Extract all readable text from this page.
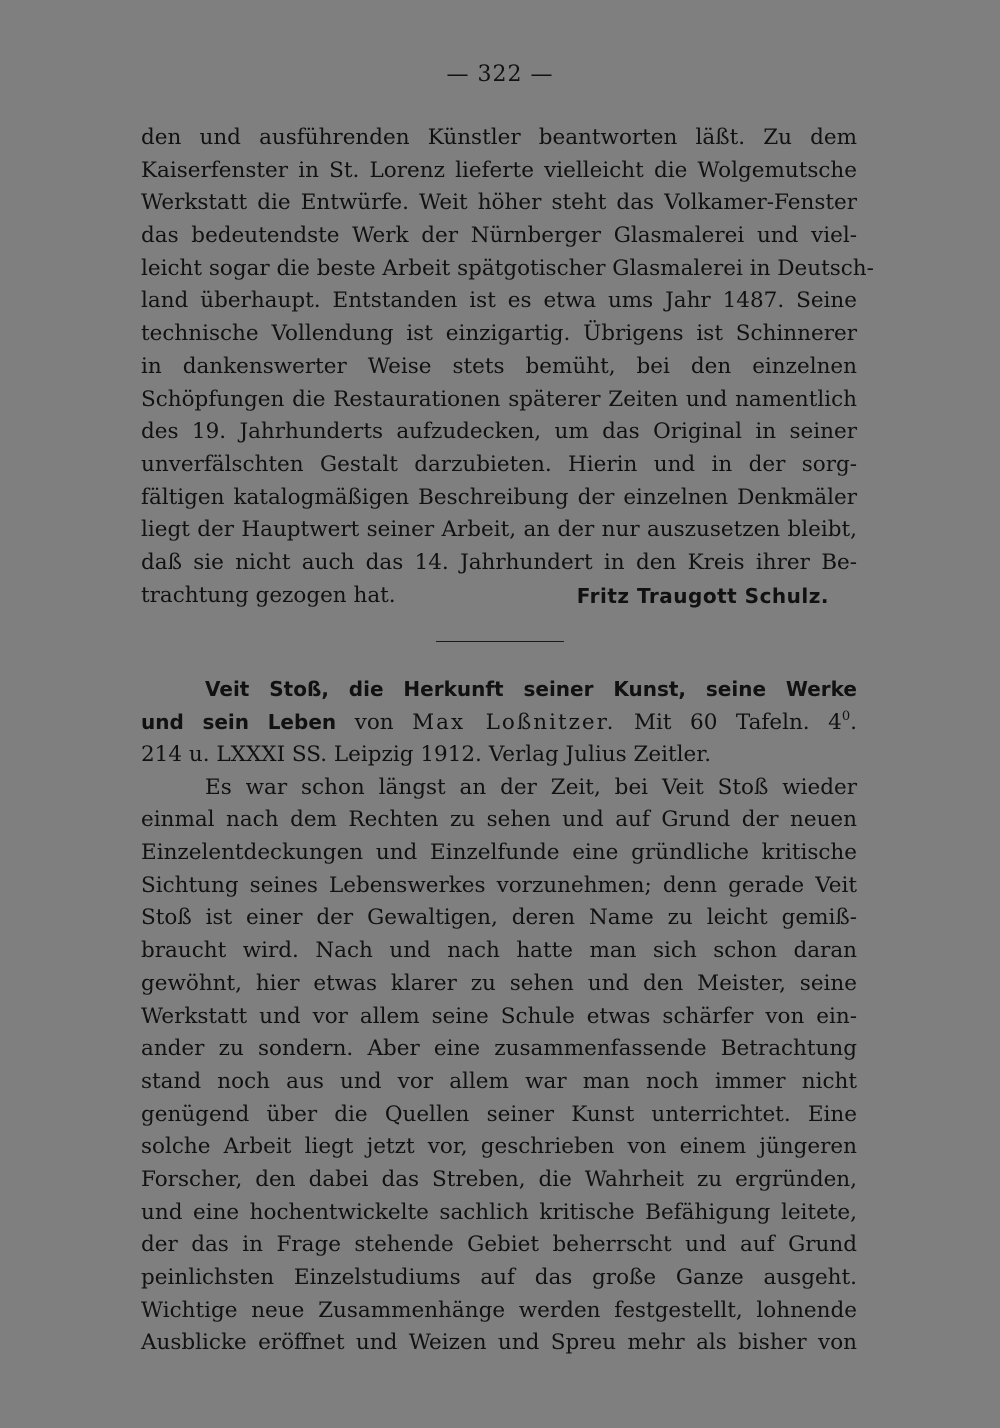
— 322 —
den und ausführenden Künstler beantworten läßt. Zu dem
Kaiserfenster in St. Lorenz lieferte vielleicht die Wolgemutsche
Werkstatt die Entwürfe. Weit höher steht das Volkamer-Fenster
das bedeutendste Werk der Nürnberger Glasmalerei und viel-
leicht sogar die beste Arbeit spätgotischer Glasmalerei in Deutsch-
land überhaupt. Entstanden ist es etwa ums Jahr 1487. Seine
technische Vollendung ist einzigartig. Übrigens ist Schinnerer
in dankenswerter Weise stets bemüht, bei den einzelnen
Schöpfungen die Restaurationen späterer Zeiten und namentlich
des 19. Jahrhunderts aufzudecken, um das Original in seiner
unverfälschten Gestalt darzubieten. Hierin und in der sorg-
fältigen katalogmäßigen Beschreibung der einzelnen Denkmäler
liegt der Hauptwert seiner Arbeit, an der nur auszusetzen bleibt,
daß sie nicht auch das 14. Jahrhundert in den Kreis ihrer Be-
trachtung gezogen hat.	Fritz Traugott Schulz.
Veit Stoß, die Herkunft seiner Kunst, seine Werke
und sein Leben von Max Loßnitzer. Mit 60 Tafeln. $4^0$.
214 u. LXXXI SS. Leipzig 1912. Verlag Julius Zeitler.
Es war schon längst an der Zeit, bei Veit Stoß wieder
einmal nach dem Rechten zu sehen und auf Grund der neuen
Einzelentdeckungen und Einzelfunde eine gründliche kritische
Sichtung seines Lebenswerkes vorzunehmen; denn gerade Veit
Stoß ist einer der Gewaltigen, deren Name zu leicht gemiß-
braucht wird. Nach und nach hatte man sich schon daran
gewöhnt, hier etwas klarer zu sehen und den Meister, seine
Werkstatt und vor allem seine Schule etwas schärfer von ein-
ander zu sondern. Aber eine zusammenfassende Betrachtung
stand noch aus und vor allem war man noch immer nicht
genügend über die Quellen seiner Kunst unterrichtet. Eine
solche Arbeit liegt jetzt vor, geschrieben von einem jüngeren
Forscher, den dabei das Streben, die Wahrheit zu ergründen,
und eine hochentwickelte sachlich kritische Befähigung leitete,
der das in Frage stehende Gebiet beherrscht und auf Grund
peinlichsten Einzelstudiums auf das große Ganze ausgeht.
Wichtige neue Zusammenhänge werden festgestellt, lohnende
Ausblicke eröffnet und Weizen und Spreu mehr als bisher von
